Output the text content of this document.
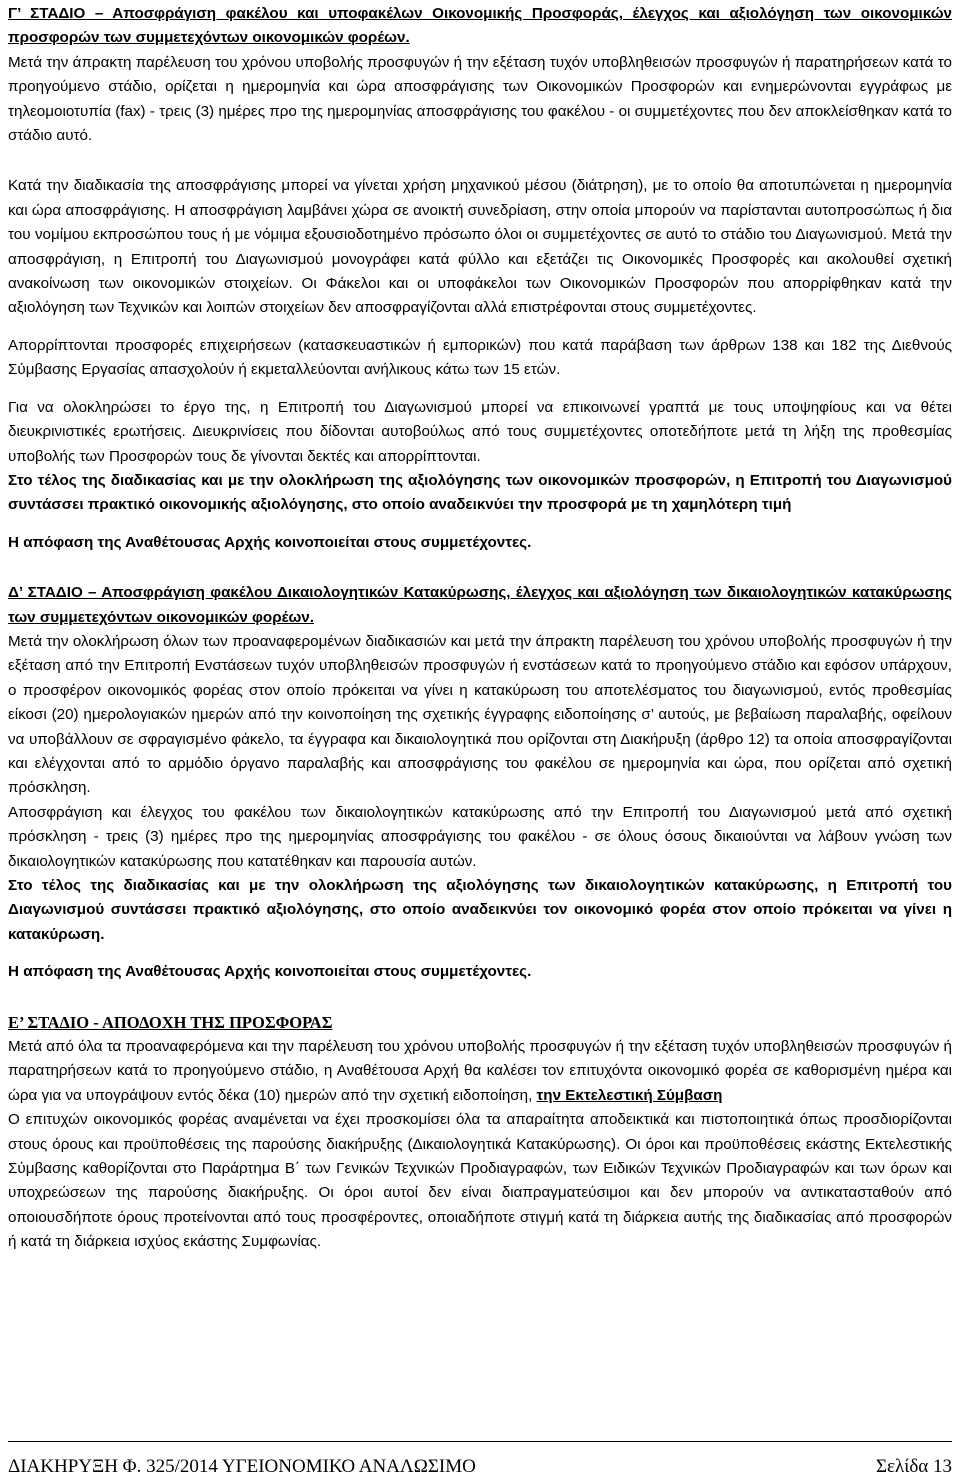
Γ’ ΣΤΑΔΙΟ – Αποσφράγιση φακέλου και υποφακέλων Οικονομικής Προσφοράς, έλεγχος και αξιολόγηση των οικονομικών προσφορών των συμμετεχόντων οικονομικών φορέων.

Μετά την άπρακτη παρέλευση του χρόνου υποβολής προσφυγών ή την εξέταση τυχόν υποβληθεισών προσφυγών ή παρατηρήσεων κατά το προηγούμενο στάδιο, ορίζεται η ημερομηνία και ώρα αποσφράγισης των Οικονομικών Προσφορών και ενημερώνονται εγγράφως με τηλεομοιοτυπία (fax) - τρεις (3) ημέρες προ της ημερομηνίας αποσφράγισης του φακέλου - οι συμμετέχοντες που δεν αποκλείσθηκαν κατά το στάδιο αυτό.

Κατά την διαδικασία της αποσφράγισης μπορεί να γίνεται χρήση μηχανικού μέσου (διάτρηση), με το οποίο θα αποτυπώνεται η ημερομηνία και ώρα αποσφράγισης. Η αποσφράγιση λαμβάνει χώρα σε ανοικτή συνεδρίαση, στην οποία μπορούν να παρίστανται αυτοπροσώπως ή δια του νομίμου εκπροσώπου τους ή με νόμιμα εξουσιοδοτημένο πρόσωπο όλοι οι συμμετέχοντες σε αυτό το στάδιο του Διαγωνισμού. Μετά την αποσφράγιση, η Επιτροπή του Διαγωνισμού μονογράφει κατά φύλλο και εξετάζει τις Οικονομικές Προσφορές και ακολουθεί σχετική ανακοίνωση των οικονομικών στοιχείων. Οι Φάκελοι και οι υποφάκελοι των Οικονομικών Προσφορών που απορρίφθηκαν κατά την αξιολόγηση των Τεχνικών και λοιπών στοιχείων δεν αποσφραγίζονται αλλά επιστρέφονται στους συμμετέχοντες.

Απορρίπτονται προσφορές επιχειρήσεων (κατασκευαστικών ή εμπορικών) που κατά παράβαση των άρθρων 138 και 182 της Διεθνούς Σύμβασης Εργασίας απασχολούν ή εκμεταλλεύονται ανήλικους κάτω των 15 ετών.

Για να ολοκληρώσει το έργο της, η Επιτροπή του Διαγωνισμού μπορεί να επικοινωνεί γραπτά με τους υποψηφίους και να θέτει διευκρινιστικές ερωτήσεις. Διευκρινίσεις που δίδονται αυτοβούλως από τους συμμετέχοντες οποτεδήποτε μετά τη λήξη της προθεσμίας υποβολής των Προσφορών τους δε γίνονται δεκτές και απορρίπτονται.

Στο τέλος της διαδικασίας και με την ολοκλήρωση της αξιολόγησης των οικονομικών προσφορών, η Επιτροπή του Διαγωνισμού συντάσσει πρακτικό οικονομικής αξιολόγησης, στο οποίο αναδεικνύει την προσφορά με τη χαμηλότερη τιμή

Η απόφαση της Αναθέτουσας Αρχής κοινοποιείται στους συμμετέχοντες.

Δ’ ΣΤΑΔΙΟ – Αποσφράγιση φακέλου Δικαιολογητικών Κατακύρωσης, έλεγχος και αξιολόγηση των δικαιολογητικών κατακύρωσης των συμμετεχόντων οικονομικών φορέων.

Μετά την ολοκλήρωση όλων των προαναφερομένων διαδικασιών και μετά την άπρακτη παρέλευση του χρόνου υποβολής προσφυγών ή την εξέταση από την Επιτροπή Ενστάσεων τυχόν υποβληθεισών προσφυγών ή ενστάσεων κατά το προηγούμενο στάδιο και εφόσον υπάρχουν, ο προσφέρον οικονομικός φορέας στον οποίο πρόκειται να γίνει η κατακύρωση του αποτελέσματος του διαγωνισμού, εντός προθεσμίας είκοσι (20) ημερολογιακών ημερών από την κοινοποίηση της σχετικής έγγραφης ειδοποίησης σ’ αυτούς, με βεβαίωση παραλαβής, οφείλουν να υποβάλλουν σε σφραγισμένο φάκελο, τα έγγραφα και δικαιολογητικά που ορίζονται στη Διακήρυξη (άρθρο 12) τα οποία αποσφραγίζονται και ελέγχονται από το αρμόδιο όργανο παραλαβής και αποσφράγισης του φακέλου σε ημερομηνία και ώρα, που ορίζεται από σχετική πρόσκληση.

Αποσφράγιση και έλεγχος του φακέλου των δικαιολογητικών κατακύρωσης από την Επιτροπή του Διαγωνισμού μετά από σχετική πρόσκληση - τρεις (3) ημέρες προ της ημερομηνίας αποσφράγισης του φακέλου - σε όλους όσους δικαιούνται να λάβουν γνώση των δικαιολογητικών κατακύρωσης που κατατέθηκαν και παρουσία αυτών.

Στο τέλος της διαδικασίας και με την ολοκλήρωση της αξιολόγησης των δικαιολογητικών κατακύρωσης, η Επιτροπή του Διαγωνισμού συντάσσει πρακτικό αξιολόγησης, στο οποίο αναδεικνύει τον οικονομικό φορέα στον οποίο πρόκειται να γίνει η κατακύρωση.

Η απόφαση της Αναθέτουσας Αρχής κοινοποιείται στους συμμετέχοντες.

Ε’ ΣΤΑΔΙΟ - ΑΠΟΔΟΧΗ ΤΗΣ ΠΡΟΣΦΟΡΑΣ

Μετά από όλα τα προαναφερόμενα και την παρέλευση του χρόνου υποβολής προσφυγών ή την εξέταση τυχόν υποβληθεισών προσφυγών ή παρατηρήσεων κατά το προηγούμενο στάδιο, η Αναθέτουσα Αρχή θα καλέσει τον επιτυχόντα οικονομικό φορέα σε καθορισμένη ημέρα και ώρα για να υπογράψουν εντός δέκα (10) ημερών από την σχετική ειδοποίηση, την Εκτελεστική Σύμβαση

Ο επιτυχών οικονομικός φορέας αναμένεται να έχει προσκομίσει όλα τα απαραίτητα αποδεικτικά και πιστοποιητικά όπως προσδιορίζονται στους όρους και προϋποθέσεις της παρούσης διακήρυξης (Δικαιολογητικά Κατακύρωσης). Οι όροι και προϋποθέσεις εκάστης Εκτελεστικής Σύμβασης καθορίζονται στο Παράρτημα Β΄ των Γενικών Τεχνικών Προδιαγραφών, των Ειδικών Τεχνικών Προδιαγραφών και των όρων και υποχρεώσεων της παρούσης διακήρυξης. Οι όροι αυτοί δεν είναι διαπραγματεύσιμοι και δεν μπορούν να αντικατασταθούν από οποιουσδήποτε όρους προτείνονται από τους προσφέροντες, οποιαδήποτε στιγμή κατά τη διάρκεια αυτής της διαδικασίας από προσφορών ή κατά τη διάρκεια ισχύος εκάστης Συμφωνίας.

ΔΙΑΚΗΡΥΞΗ Φ. 325/2014 ΥΓΕΙΟΝΟΜΙΚΟ ΑΝΑΛΩΣΙΜΟ	Σελίδα 13
